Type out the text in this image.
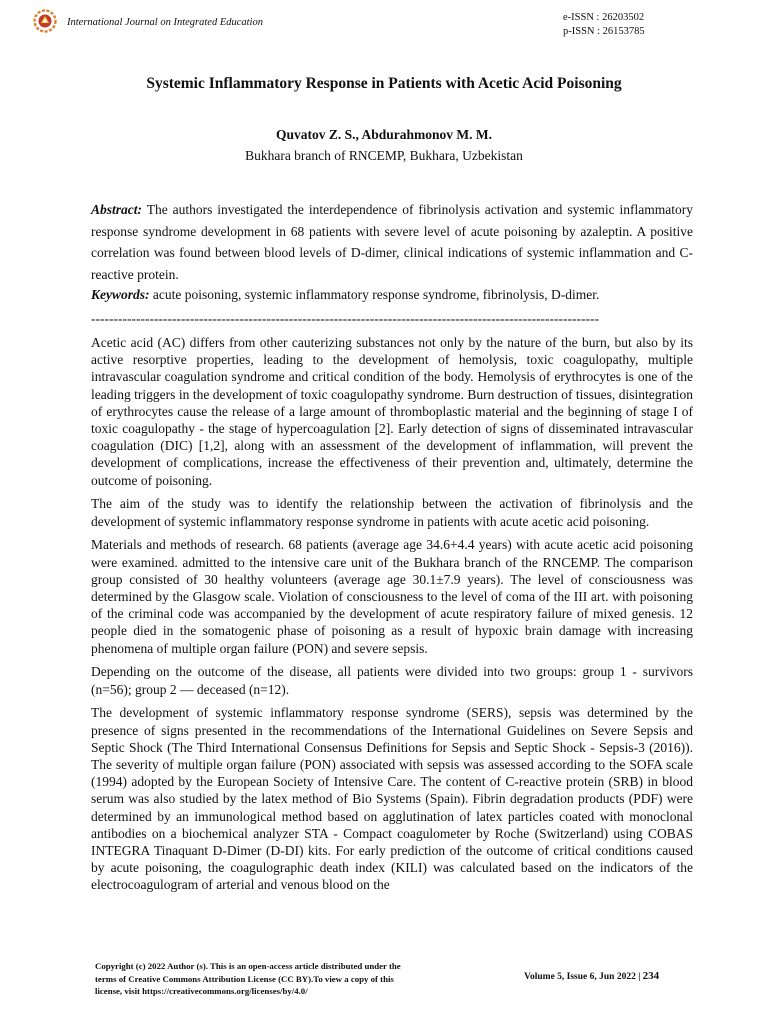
International Journal on Integrated Education	e-ISSN : 26203502
p-ISSN : 26153785
Systemic Inflammatory Response in Patients with Acetic Acid Poisoning
Quvatov Z. S., Abdurahmonov M. M.
Bukhara branch of RNCEMP, Bukhara, Uzbekistan
Abstract: The authors investigated the interdependence of fibrinolysis activation and systemic inflammatory response syndrome development in 68 patients with severe level of acute poisoning by azaleptin. A positive correlation was found between blood levels of D-dimer, clinical indications of systemic inflammation and C-reactive protein.
Keywords: acute poisoning, systemic inflammatory response syndrome, fibrinolysis, D-dimer.
-----------------------------------------------------------------------------------------------------------------

Acetic acid (AC) differs from other cauterizing substances not only by the nature of the burn, but also by its active resorptive properties, leading to the development of hemolysis, toxic coagulopathy, multiple intravascular coagulation syndrome and critical condition of the body. Hemolysis of erythrocytes is one of the leading triggers in the development of toxic coagulopathy syndrome. Burn destruction of tissues, disintegration of erythrocytes cause the release of a large amount of thromboplastic material and the beginning of stage I of toxic coagulopathy - the stage of hypercoagulation [2]. Early detection of signs of disseminated intravascular coagulation (DIC) [1,2], along with an assessment of the development of inflammation, will prevent the development of complications, increase the effectiveness of their prevention and, ultimately, determine the outcome of poisoning.

The aim of the study was to identify the relationship between the activation of fibrinolysis and the development of systemic inflammatory response syndrome in patients with acute acetic acid poisoning.

Materials and methods of research. 68 patients (average age 34.6+4.4 years) with acute acetic acid poisoning were examined. admitted to the intensive care unit of the Bukhara branch of the RNCEMP. The comparison group consisted of 30 healthy volunteers (average age 30.1±7.9 years). The level of consciousness was determined by the Glasgow scale. Violation of consciousness to the level of coma of the III art. with poisoning of the criminal code was accompanied by the development of acute respiratory failure of mixed genesis. 12 people died in the somatogenic phase of poisoning as a result of hypoxic brain damage with increasing phenomena of multiple organ failure (PON) and severe sepsis.

Depending on the outcome of the disease, all patients were divided into two groups: group 1 - survivors (n=56); group 2 — deceased (n=12).

The development of systemic inflammatory response syndrome (SERS), sepsis was determined by the presence of signs presented in the recommendations of the International Guidelines on Severe Sepsis and Septic Shock (The Third International Consensus Definitions for Sepsis and Septic Shock - Sepsis-3 (2016)). The severity of multiple organ failure (PON) associated with sepsis was assessed according to the SOFA scale (1994) adopted by the European Society of Intensive Care. The content of C-reactive protein (SRB) in blood serum was also studied by the latex method of Bio Systems (Spain). Fibrin degradation products (PDF) were determined by an immunological method based on agglutination of latex particles coated with monoclonal antibodies on a biochemical analyzer STA - Compact coagulometer by Roche (Switzerland) using COBAS INTEGRA Tinaquant D-Dimer (D-DI) kits. For early prediction of the outcome of critical conditions caused by acute poisoning, the coagulographic death index (KILI) was calculated based on the indicators of the electrocoagulogram of arterial and venous blood on the

Copyright (c) 2022 Author (s). This is an open-access article distributed under the
terms of Creative Commons Attribution License (CC BY).To view a copy of this
license, visit https://creativecommons.org/licenses/by/4.0/
Volume 5, Issue 6, Jun 2022 | 234
